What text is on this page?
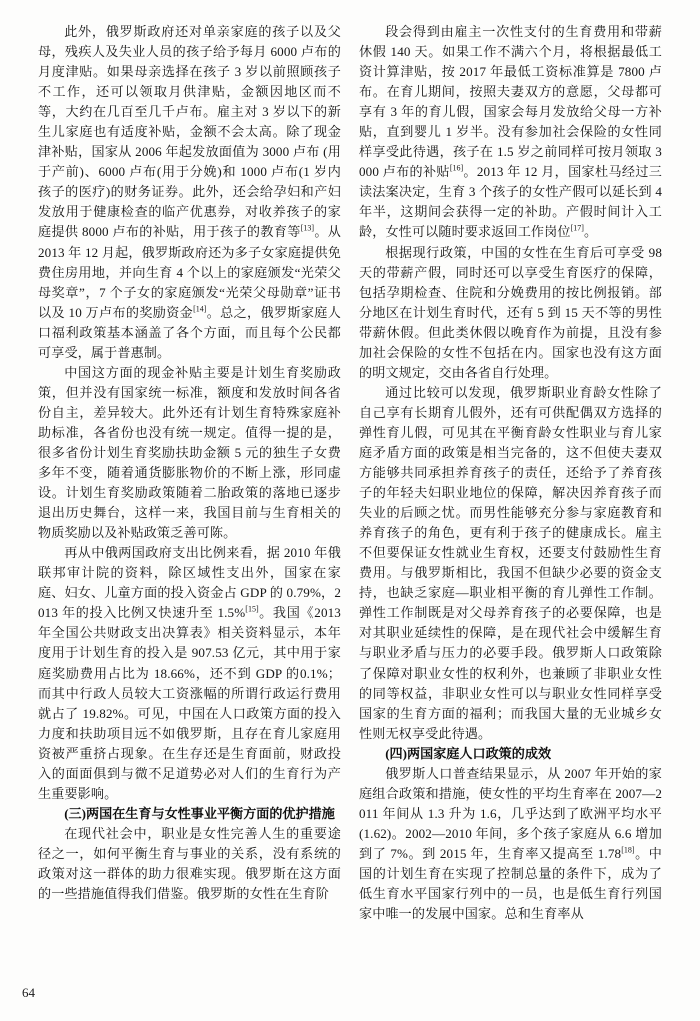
此外，俄罗斯政府还对单亲家庭的孩子以及父母，残疾人及失业人员的孩子给予每月 6000 卢布的月度津贴。如果母亲选择在孩子 3 岁以前照顾孩子不工作，还可以领取月供津贴，金额因地区而不等，大约在几百至几千卢布。雇主对 3 岁以下的新生儿家庭也有适度补贴，金额不会太高。除了现金津补贴，国家从 2006 年起发放面值为 3000 卢布 (用于产前)、6000 卢布(用于分娩)和 1000 卢布(1 岁内孩子的医疗)的财务证券。此外，还会给孕妇和产妇发放用于健康检查的临产优惠券，对收养孩子的家庭提供 8000 卢布的补贴，用于孩子的教育等[13]。从 2013 年 12 月起，俄罗斯政府还为多子女家庭提供免费住房用地，并向生育 4 个以上的家庭颁发“光荣父母奖章”，7 个子女的家庭颁发“光荣父母勋章”证书以及 10 万卢布的奖励资金[14]。总之，俄罗斯家庭人口福利政策基本涵盖了各个方面，而且每个公民都可享受，属于普惠制。

中国这方面的现金补贴主要是计划生育奖励政策，但并没有国家统一标准，额度和发放时间各省份自主，差异较大。此外还有计划生育特殊家庭补助标准，各省份也没有统一规定。值得一提的是，很多省份计划生育奖励扶助金额 5 元的独生子女费多年不变，随着通货膨胀物价的不断上涨，形同虚设。计划生育奖励政策随着二胎政策的落地已逐步退出历史舞台，这样一来，我国目前与生育相关的物质奖励以及补贴政策乏善可陈。

再从中俄两国政府支出比例来看，据 2010 年俄联邦审计院的资料，除区域性支出外，国家在家庭、妇女、儿童方面的投入资金占 GDP 的 0.79%，2013 年的投入比例又快速升至 1.5%[15]。我国《2013 年全国公共财政支出决算表》相关资料显示，本年度用于计划生育的投入是 907.53 亿元，其中用于家庭奖励费用占比为 18.66%，还不到 GDP 的0.1%；而其中行政人员较大工资涨幅的所谓行政运行费用就占了 19.82%。可见，中国在人口政策方面的投入力度和扶助项目远不如俄罗斯，且存在育儿家庭用资被严重挤占现象。在生存还是生育面前，财政投入的面面俱到与微不足道势必对人们的生育行为产生重要影响。

(三)两国在生育与女性事业平衡方面的优护措施

在现代社会中，职业是女性完善人生的重要途径之一，如何平衡生育与事业的关系，没有系统的政策对这一群体的助力很难实现。俄罗斯在这方面的一些措施值得我们借鉴。俄罗斯的女性在生育阶

段会得到由雇主一次性支付的生育费用和带薪休假 140 天。如果工作不满六个月，将根据最低工资计算津贴，按 2017 年最低工资标准算是 7800 卢布。在育儿期间，按照夫妻双方的意愿，父母都可享有 3 年的育儿假，国家会每月发放给父母一方补贴，直到婴儿 1 岁半。没有参加社会保险的女性同样享受此待遇，孩子在 1.5 岁之前同样可按月领取 3000 卢布的补贴[16]。2013 年 12 月，国家杜马经过三读法案决定，生育 3 个孩子的女性产假可以延长到 4 年半，这期间会获得一定的补助。产假时间计入工龄，女性可以随时要求返回工作岗位[17]。

根据现行政策，中国的女性在生育后可享受 98 天的带薪产假，同时还可以享受生育医疗的保障，包括孕期检查、住院和分娩费用的按比例报销。部分地区在计划生育时代，还有 5 到 15 天不等的男性带薪休假。但此类休假以晚育作为前提，且没有参加社会保险的女性不包括在内。国家也没有这方面的明文规定，交由各省自行处理。

通过比较可以发现，俄罗斯职业育龄女性除了自己享有长期育儿假外，还有可供配偶双方选择的弹性育儿假，可见其在平衡育龄女性职业与育儿家庭矛盾方面的政策是相当完备的，这不但使夫妻双方能够共同承担养育孩子的责任，还给予了养育孩子的年轻夫妇职业地位的保障，解决因养育孩子而失业的后顾之忧。而男性能够充分参与家庭教育和养育孩子的角色，更有利于孩子的健康成长。雇主不但要保证女性就业生育权，还要支付鼓励性生育费用。与俄罗斯相比，我国不但缺少必要的资金支持，也缺乏家庭—职业相平衡的育儿弹性工作制。弹性工作制既是对父母养育孩子的必要保障，也是对其职业延续性的保障，是在现代社会中缓解生育与职业矛盾与压力的必要手段。俄罗斯人口政策除了保障对职业女性的权利外，也兼顾了非职业女性的同等权益，非职业女性可以与职业女性同样享受国家的生育方面的福利；而我国大量的无业城乡女性则无权享受此待遇。

(四)两国家庭人口政策的成效

俄罗斯人口普查结果显示，从 2007 年开始的家庭组合政策和措施，使女性的平均生育率在 2007—2011 年间从 1.3 升为 1.6，几乎达到了欧洲平均水平(1.62)。2002—2010 年间，多个孩子家庭从 6.6 增加到了 7%。到 2015 年，生育率又提高至 1.78[18]。中国的计划生育在实现了控制总量的条件下，成为了低生育水平国家行列中的一员，也是低生育行列国家中唯一的发展中国家。总和生育率从

64
